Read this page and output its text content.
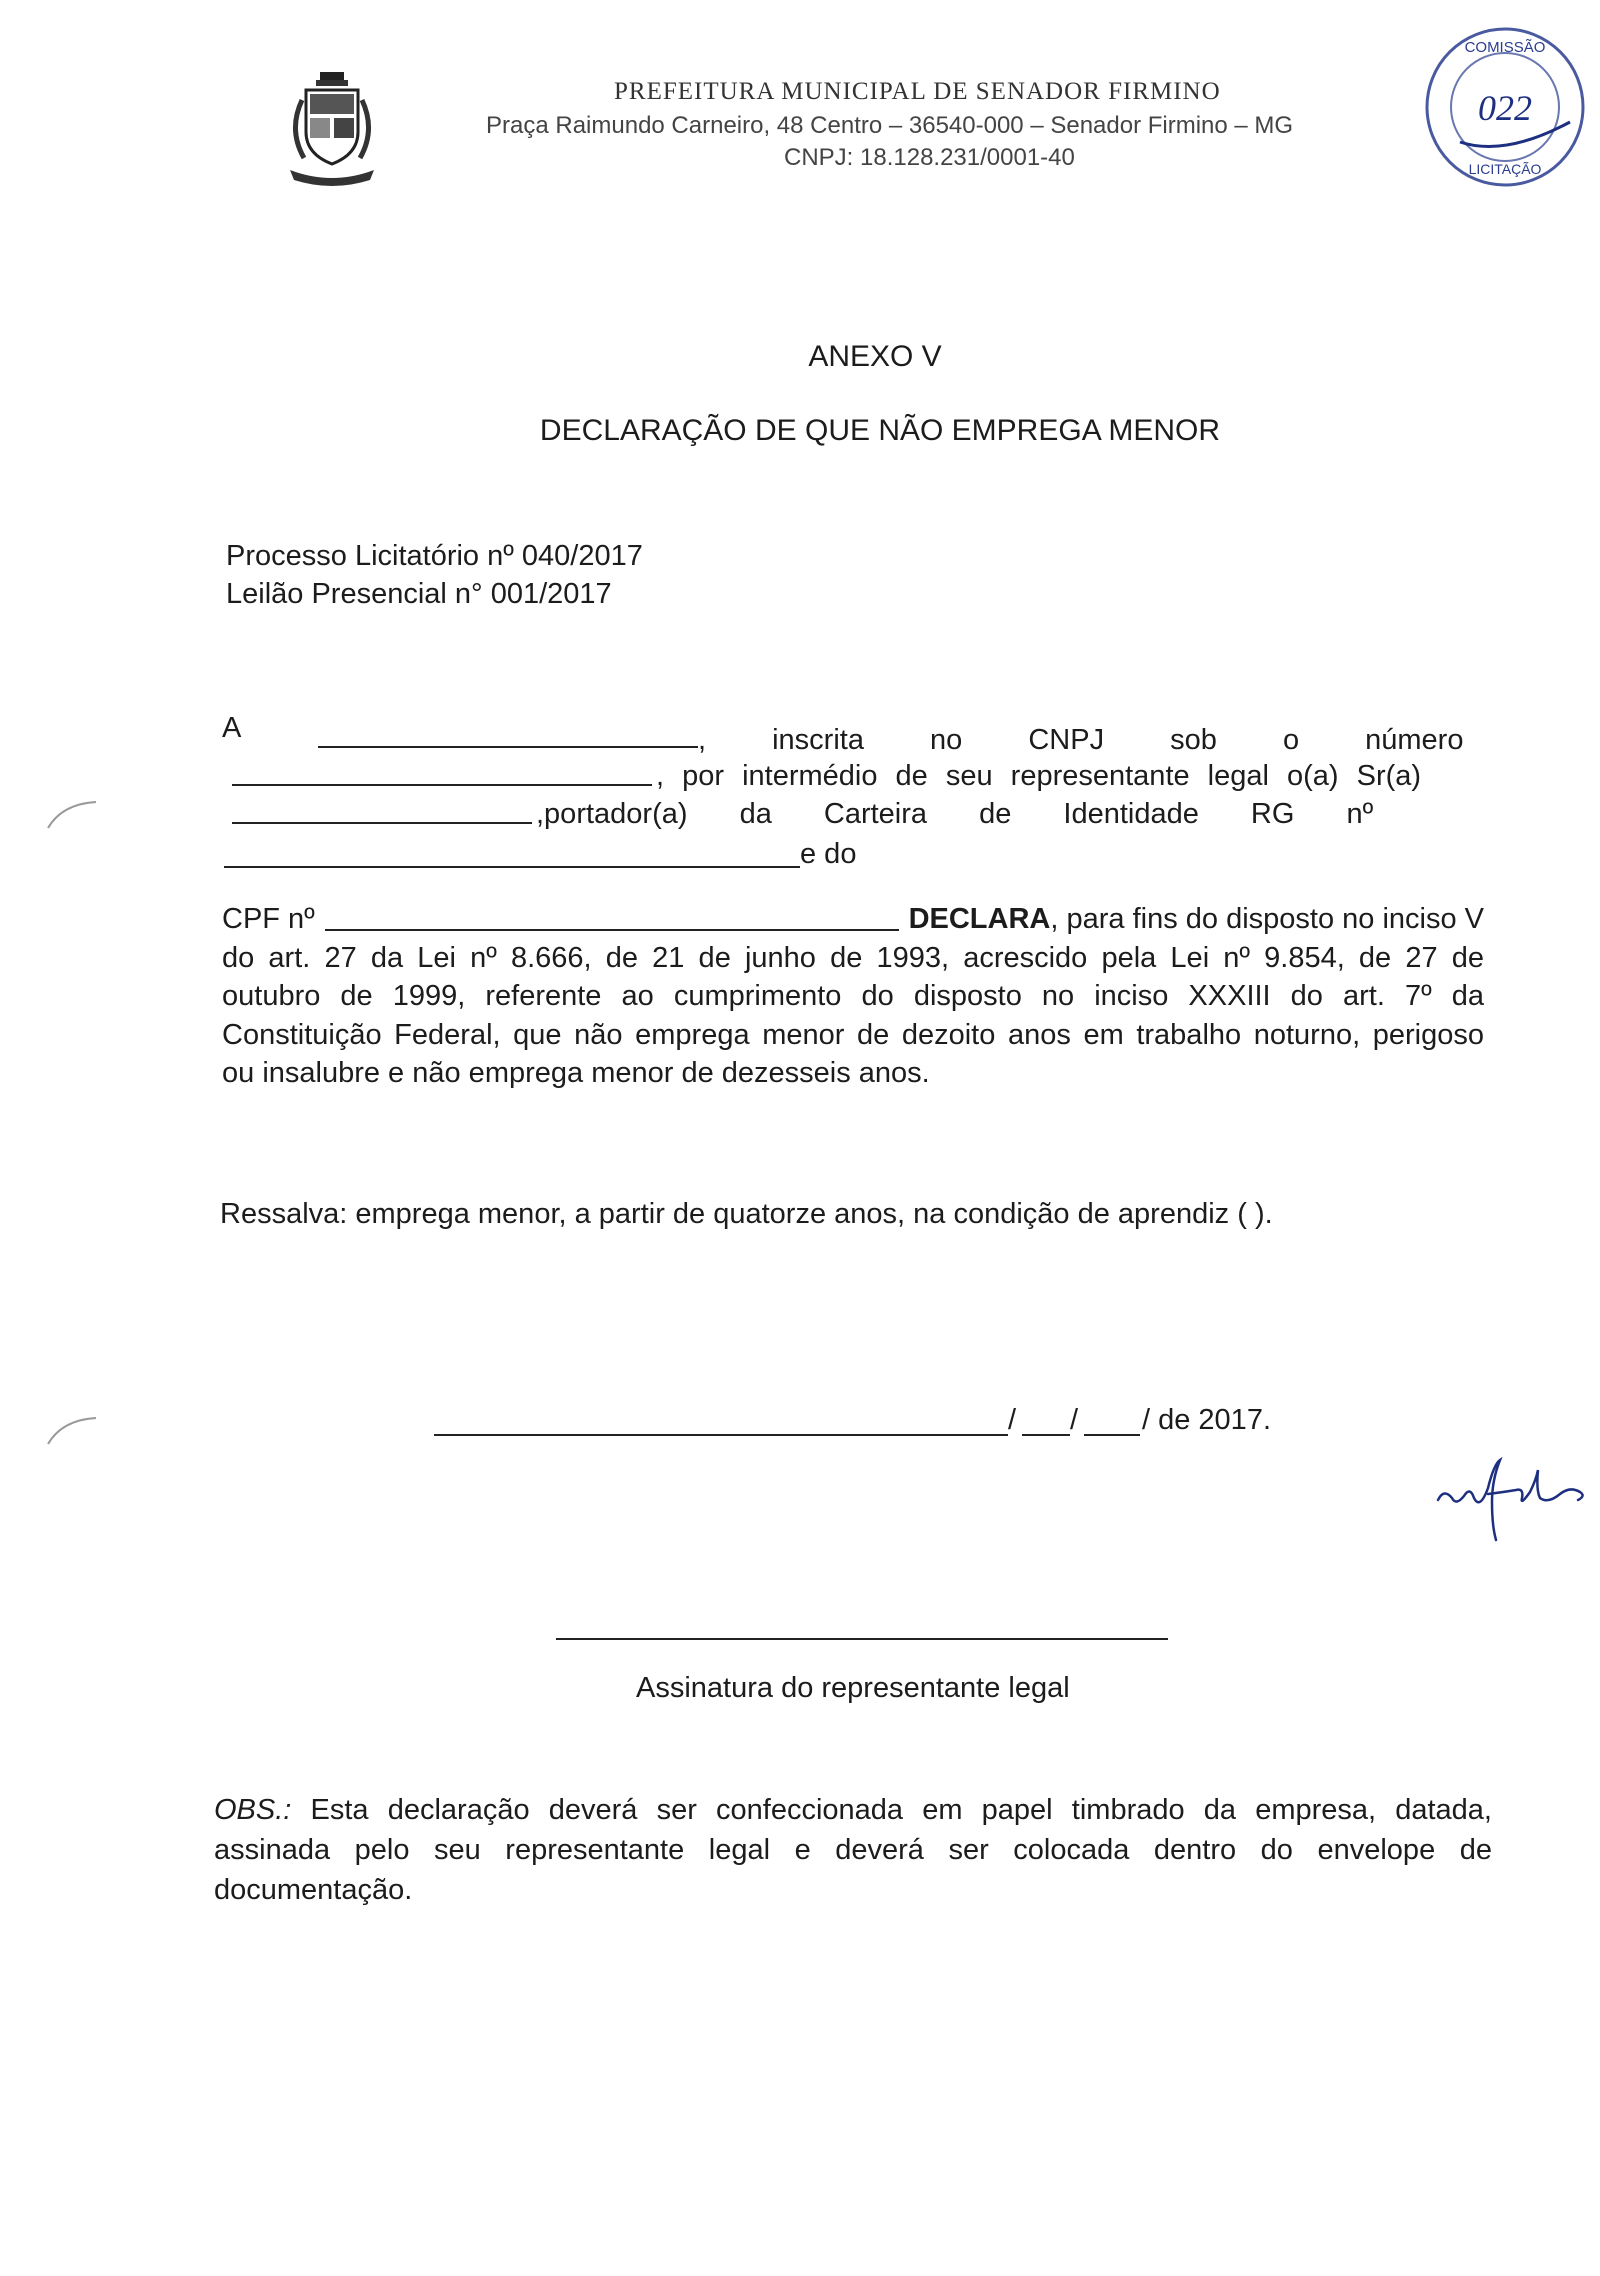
PREFEITURA MUNICIPAL DE SENADOR FIRMINO
Praça Raimundo Carneiro, 48 Centro – 36540-000 – Senador Firmino – MG
CNPJ: 18.128.231/0001-40
COMISSÃO
022
LICITAÇÃO
ANEXO V
DECLARAÇÃO DE QUE NÃO EMPREGA MENOR
Processo Licitatório nº 040/2017
Leilão Presencial n° 001/2017
A	, inscrita no CNPJ sob o número
, por intermédio de seu representante legal o(a) Sr(a)
,portador(a) da Carteira de Identidade RG nº
e do
CPF nº	DECLARA, para fins do disposto no inciso V
do art. 27 da Lei nº 8.666, de 21 de junho de 1993, acrescido pela Lei nº 9.854, de 27 de
outubro de 1999, referente ao cumprimento do disposto no inciso XXXIII do art. 7º da
Constituição Federal, que não emprega menor de dezoito anos em trabalho noturno, perigoso
ou insalubre e não emprega menor de dezesseis anos.
Ressalva: emprega menor, a partir de quatorze anos, na condição de aprendiz ( ).
/ / / de 2017.
Assinatura do representante legal
OBS.: Esta declaração deverá ser confeccionada em papel timbrado da empresa, datada,
assinada pelo seu representante legal e deverá ser colocada dentro do envelope de
documentação.
